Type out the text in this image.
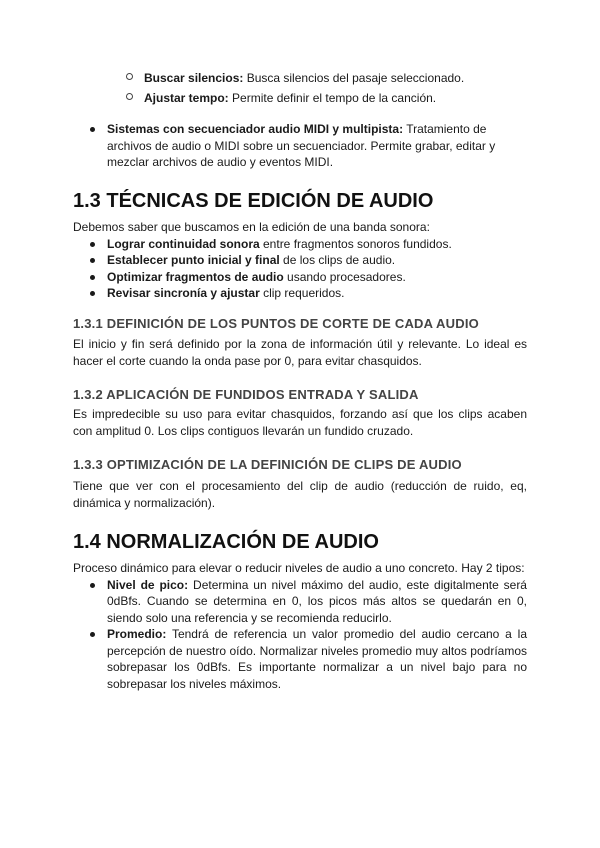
Buscar silencios: Busca silencios del pasaje seleccionado.
Ajustar tempo: Permite definir el tempo de la canción.
Sistemas con secuenciador audio MIDI y multipista: Tratamiento de archivos de audio o MIDI sobre un secuenciador. Permite grabar, editar y mezclar archivos de audio y eventos MIDI.
1.3 TÉCNICAS DE EDICIÓN DE AUDIO

Debemos saber que buscamos en la edición de una banda sonora:

Lograr continuidad sonora entre fragmentos sonoros fundidos.
Establecer punto inicial y final de los clips de audio.
Optimizar fragmentos de audio usando procesadores.
Revisar sincronía y ajustar clip requeridos.
1.3.1 DEFINICIÓN DE LOS PUNTOS DE CORTE DE CADA AUDIO

El inicio y fin será definido por la zona de información útil y relevante. Lo ideal es hacer el corte cuando la onda pase por 0, para evitar chasquidos.

1.3.2 APLICACIÓN DE FUNDIDOS ENTRADA Y SALIDA

Es impredecible su uso para evitar chasquidos, forzando así que los clips acaben con amplitud 0. Los clips contiguos llevarán un fundido cruzado.

1.3.3 OPTIMIZACIÓN DE LA DEFINICIÓN DE CLIPS DE AUDIO

Tiene que ver con el procesamiento del clip de audio (reducción de ruido, eq, dinámica y normalización).

1.4 NORMALIZACIÓN DE AUDIO

Proceso dinámico para elevar o reducir niveles de audio a uno concreto. Hay 2 tipos:

Nivel de pico: Determina un nivel máximo del audio, este digitalmente será 0dBfs. Cuando se determina en 0, los picos más altos se quedarán en 0, siendo solo una referencia y se recomienda reducirlo.
Promedio: Tendrá de referencia un valor promedio del audio cercano a la percepción de nuestro oído. Normalizar niveles promedio muy altos podríamos sobrepasar los 0dBfs. Es importante normalizar a un nivel bajo para no sobrepasar los niveles máximos.
